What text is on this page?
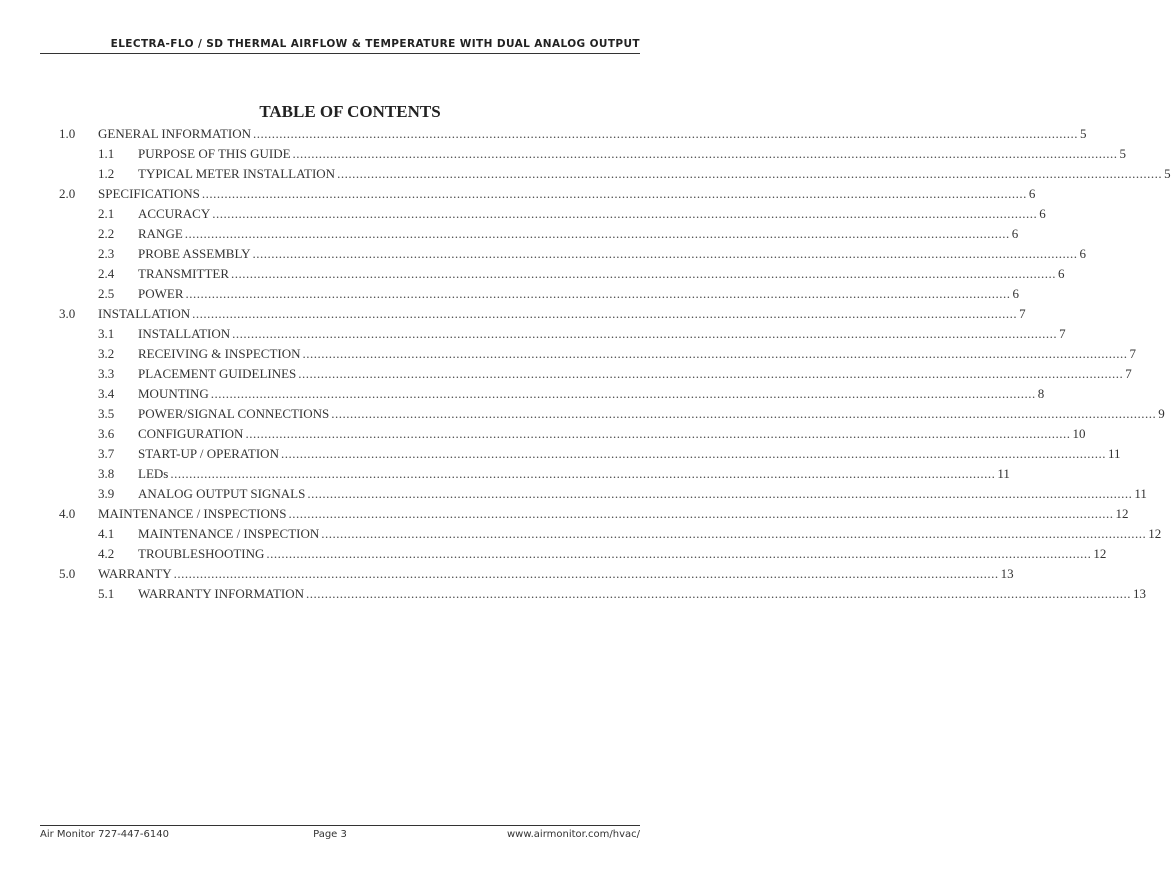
ELECTRA-FLO / SD THERMAL AIRFLOW & TEMPERATURE WITH DUAL ANALOG OUTPUT
TABLE OF CONTENTS
1.0 GENERAL INFORMATION ............................................................................................................................................................................................................................ 5
1.1 PURPOSE OF THIS GUIDE ............................................................................................................................................................................................................................ 5
1.2 TYPICAL METER INSTALLATION ............................................................................................................................................................................................................................ 5
2.0 SPECIFICATIONS ............................................................................................................................................................................................................................ 6
2.1 ACCURACY ............................................................................................................................................................................................................................ 6
2.2 RANGE ............................................................................................................................................................................................................................ 6
2.3 PROBE ASSEMBLY ............................................................................................................................................................................................................................ 6
2.4 TRANSMITTER ............................................................................................................................................................................................................................ 6
2.5 POWER ............................................................................................................................................................................................................................ 6
3.0 INSTALLATION ............................................................................................................................................................................................................................ 7
3.1 INSTALLATION ............................................................................................................................................................................................................................ 7
3.2 RECEIVING & INSPECTION ............................................................................................................................................................................................................................ 7
3.3 PLACEMENT GUIDELINES ............................................................................................................................................................................................................................ 7
3.4 MOUNTING ............................................................................................................................................................................................................................ 8
3.5 POWER/SIGNAL CONNECTIONS ............................................................................................................................................................................................................................ 9
3.6 CONFIGURATION ............................................................................................................................................................................................................................ 10
3.7 START-UP / OPERATION ............................................................................................................................................................................................................................ 11
3.8 LEDs ............................................................................................................................................................................................................................ 11
3.9 ANALOG OUTPUT SIGNALS ............................................................................................................................................................................................................................ 11
4.0 MAINTENANCE / INSPECTIONS ............................................................................................................................................................................................................................ 12
4.1 MAINTENANCE / INSPECTION ............................................................................................................................................................................................................................ 12
4.2 TROUBLESHOOTING ............................................................................................................................................................................................................................ 12
5.0 WARRANTY ............................................................................................................................................................................................................................ 13
5.1 WARRANTY INFORMATION ............................................................................................................................................................................................................................ 13
Air Monitor 727-447-6140	Page 3	www.airmonitor.com/hvac/
